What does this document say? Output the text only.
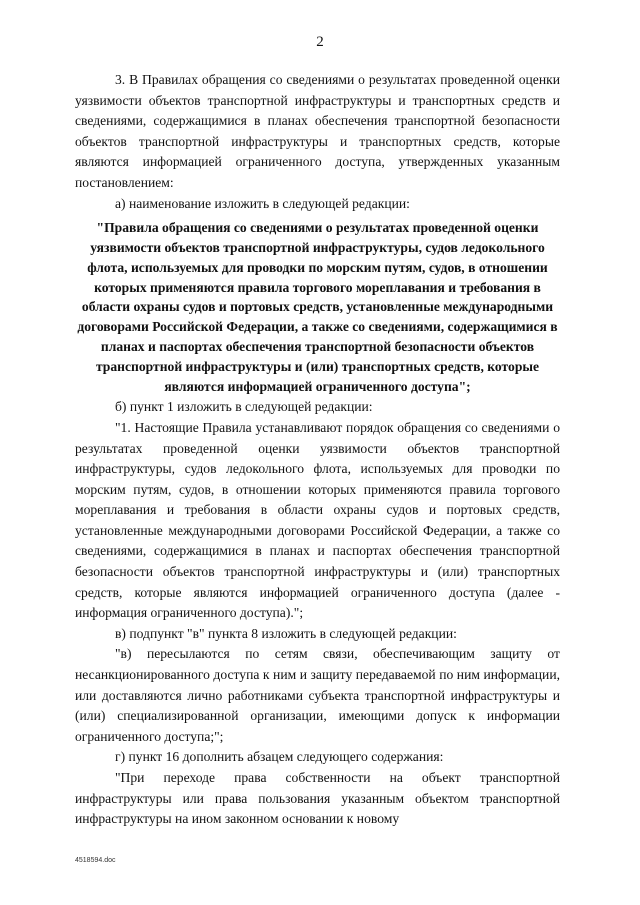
2

3. В Правилах обращения со сведениями о результатах проведенной оценки уязвимости объектов транспортной инфраструктуры и транспортных средств и сведениями, содержащимися в планах обеспечения транспортной безопасности объектов транспортной инфраструктуры и транспортных средств, которые являются информацией ограниченного доступа, утвержденных указанным постановлением:

а) наименование изложить в следующей редакции:

"Правила обращения со сведениями о результатах проведенной оценки уязвимости объектов транспортной инфраструктуры, судов ледокольного флота, используемых для проводки по морским путям, судов, в отношении которых применяются правила торгового мореплавания и требования в области охраны судов и портовых средств, установленные международными договорами Российской Федерации, а также со сведениями, содержащимися в планах и паспортах обеспечения транспортной безопасности объектов транспортной инфраструктуры и (или) транспортных средств, которые являются информацией ограниченного доступа";

б) пункт 1 изложить в следующей редакции:

"1. Настоящие Правила устанавливают порядок обращения со сведениями о результатах проведенной оценки уязвимости объектов транспортной инфраструктуры, судов ледокольного флота, используемых для проводки по морским путям, судов, в отношении которых применяются правила торгового мореплавания и требования в области охраны судов и портовых средств, установленные международными договорами Российской Федерации, а также со сведениями, содержащимися в планах и паспортах обеспечения транспортной безопасности объектов транспортной инфраструктуры и (или) транспортных средств, которые являются информацией ограниченного доступа (далее - информация ограниченного доступа).";

в) подпункт "в" пункта 8 изложить в следующей редакции:

"в) пересылаются по сетям связи, обеспечивающим защиту от несанкционированного доступа к ним и защиту передаваемой по ним информации, или доставляются лично работниками субъекта транспортной инфраструктуры и (или) специализированной организации, имеющими допуск к информации ограниченного доступа;";

г) пункт 16 дополнить абзацем следующего содержания:

"При переходе права собственности на объект транспортной инфраструктуры или права пользования указанным объектом транспортной инфраструктуры на ином законном основании к новому

4518594.doc
